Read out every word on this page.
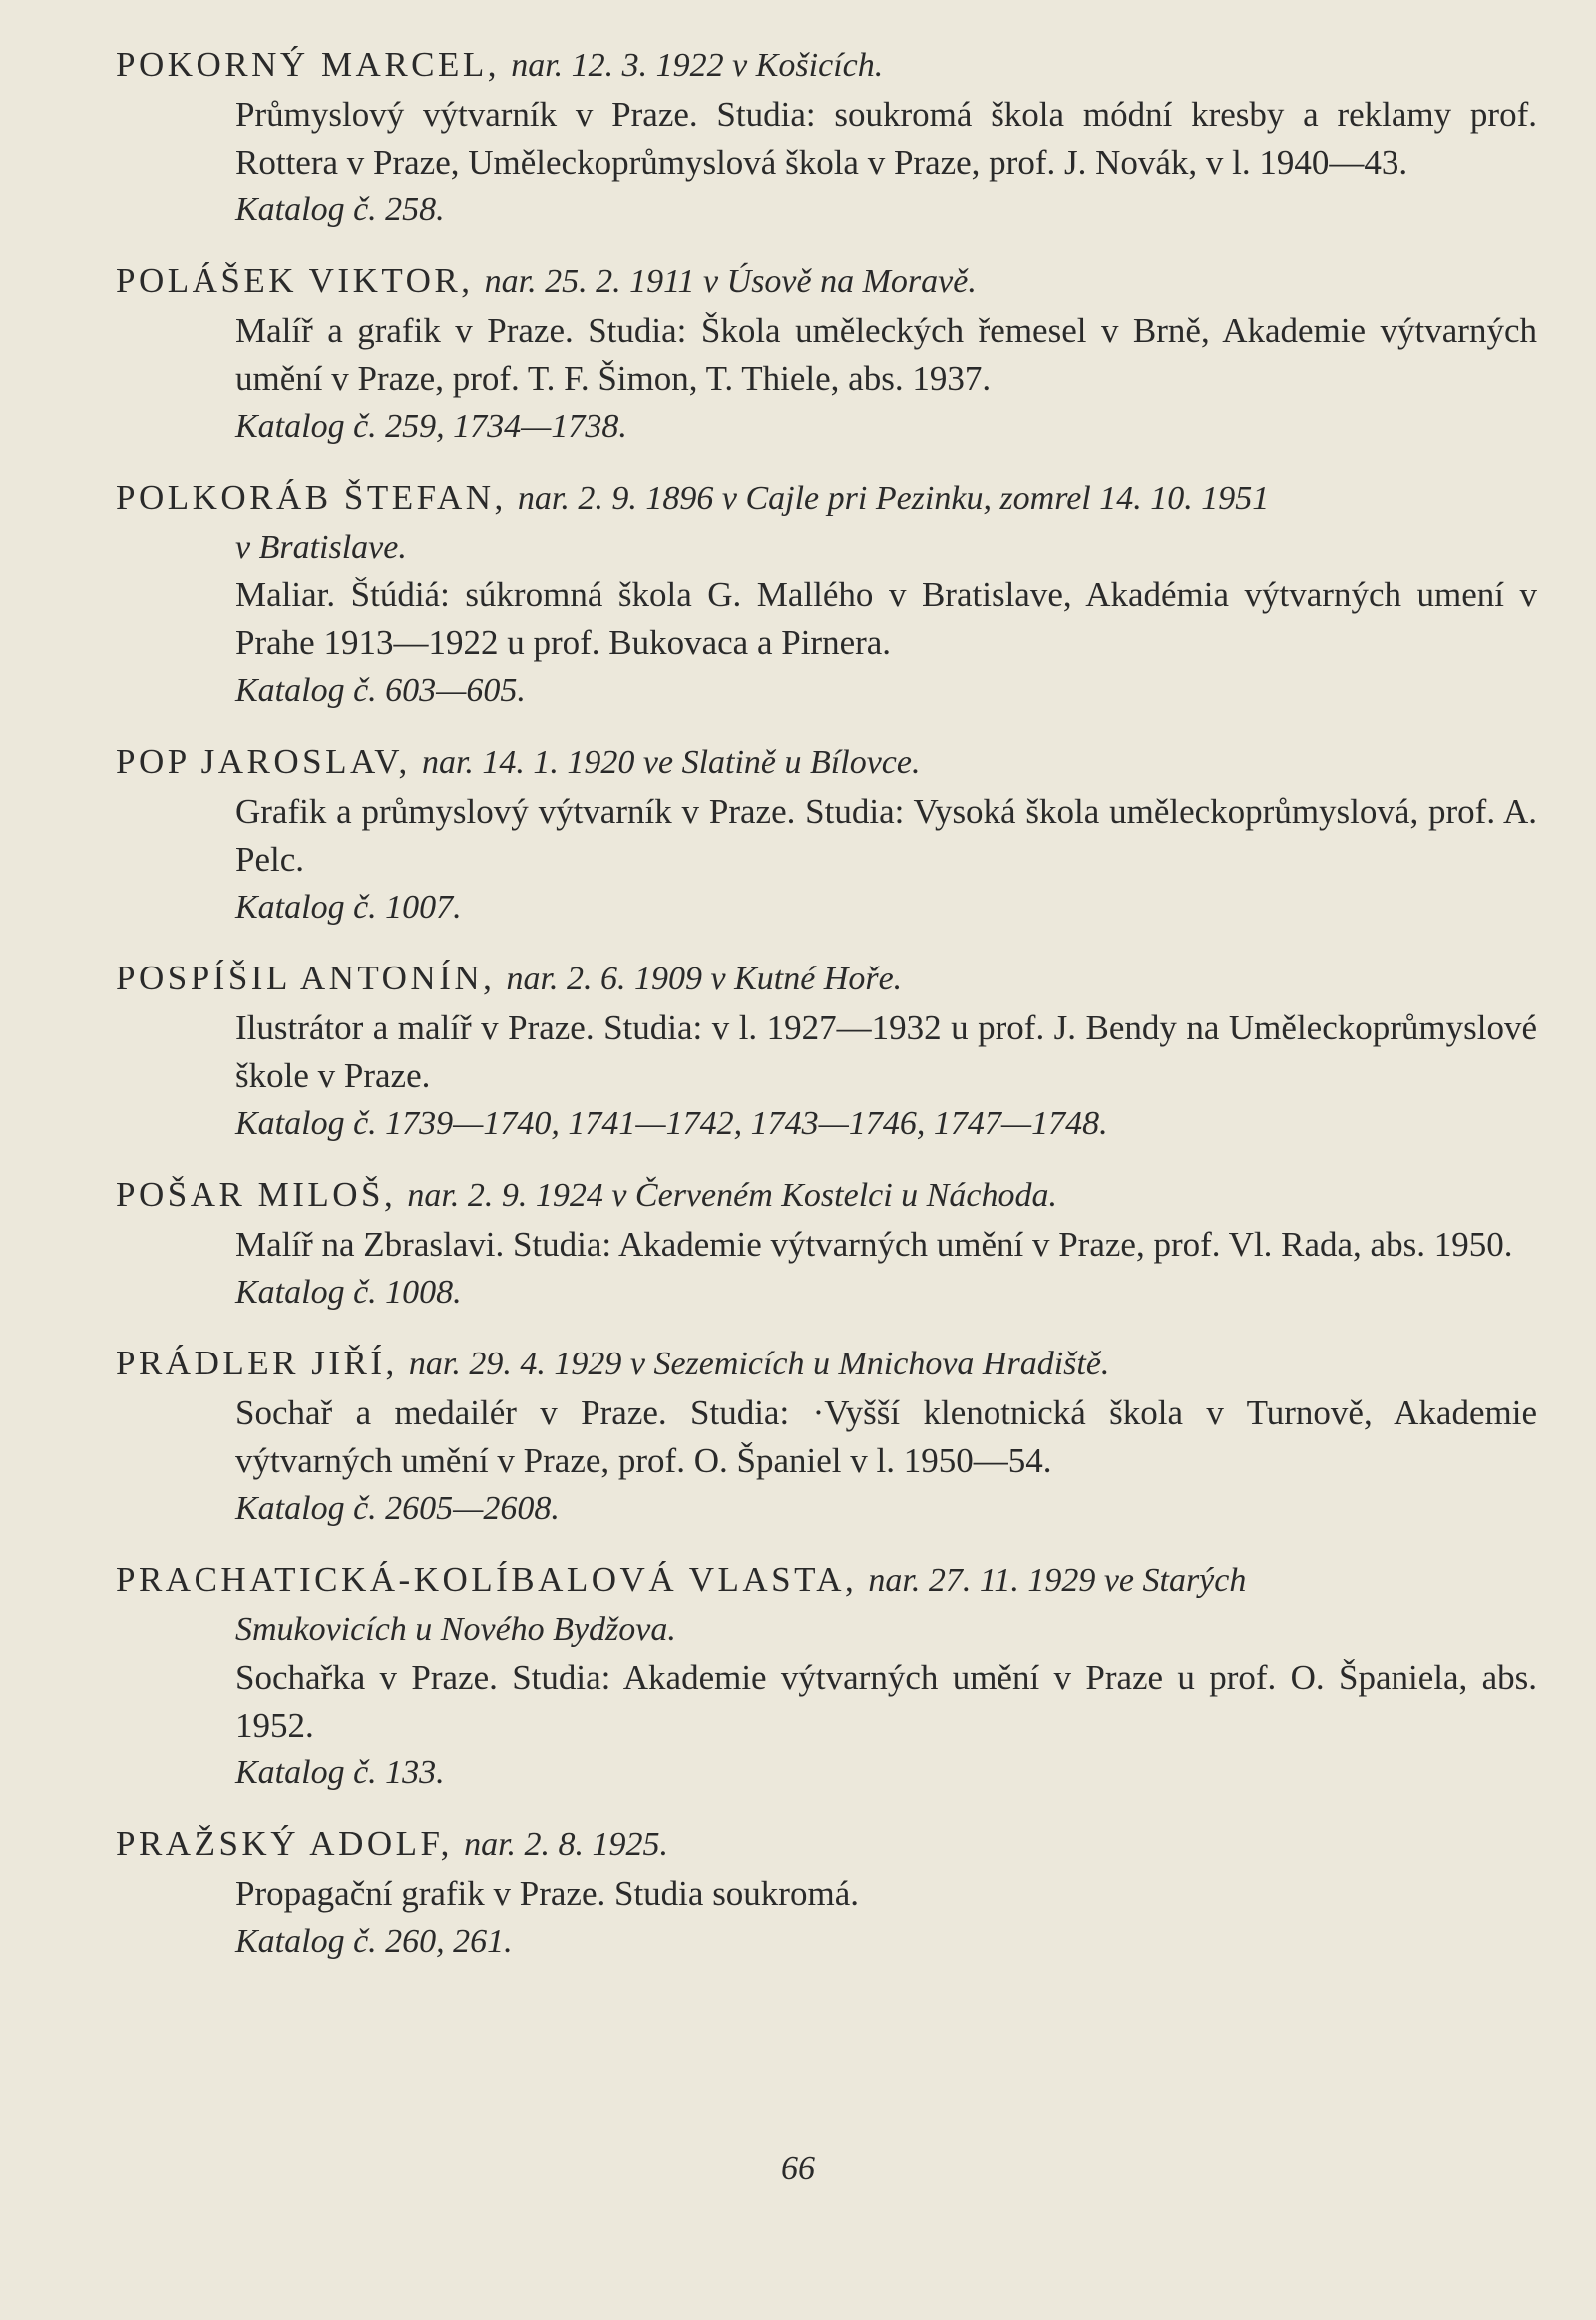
POKORNÝ MARCEL, nar. 12. 3. 1922 v Košicích.
Průmyslový výtvarník v Praze. Studia: soukromá škola módní kresby a reklamy prof. Rottera v Praze, Uměleckoprůmyslová škola v Praze, prof. J. Novák, v l. 1940—43.
Katalog č. 258.
POLÁŠEK VIKTOR, nar. 25. 2. 1911 v Úsově na Moravě.
Malíř a grafik v Praze. Studia: Škola uměleckých řemesel v Brně, Akademie výtvarných umění v Praze, prof. T. F. Šimon, T. Thiele, abs. 1937.
Katalog č. 259, 1734—1738.
POLKORÁB ŠTEFAN, nar. 2. 9. 1896 v Cajle pri Pezinku, zomrel 14. 10. 1951
v Bratislave.
Maliar. Štúdiá: súkromná škola G. Mallého v Bratislave, Akadémia výtvarných umení v Prahe 1913—1922 u prof. Bukovaca a Pirnera.
Katalog č. 603—605.
POP JAROSLAV, nar. 14. 1. 1920 ve Slatině u Bílovce.
Grafik a průmyslový výtvarník v Praze. Studia: Vysoká škola uměleckoprůmyslová, prof. A. Pelc.
Katalog č. 1007.
POSPÍŠIL ANTONÍN, nar. 2. 6. 1909 v Kutné Hoře.
Ilustrátor a malíř v Praze. Studia: v l. 1927—1932 u prof. J. Bendy na Uměleckoprůmyslové škole v Praze.
Katalog č. 1739—1740, 1741—1742, 1743—1746, 1747—1748.
POŠAR MILOŠ, nar. 2. 9. 1924 v Červeném Kostelci u Náchoda.
Malíř na Zbraslavi. Studia: Akademie výtvarných umění v Praze, prof. Vl. Rada, abs. 1950.
Katalog č. 1008.
PRÁDLER JIŘÍ, nar. 29. 4. 1929 v Sezemicích u Mnichova Hradiště.
Sochař a medailér v Praze. Studia: ·Vyšší klenotnická škola v Turnově, Akademie výtvarných umění v Praze, prof. O. Španiel v l. 1950—54.
Katalog č. 2605—2608.
PRACHATICKÁ-KOLÍBALOVÁ VLASTA, nar. 27. 11. 1929 ve Starých
Smukovicích u Nového Bydžova.
Sochařka v Praze. Studia: Akademie výtvarných umění v Praze u prof. O. Španiela, abs. 1952.
Katalog č. 133.
PRAŽSKÝ ADOLF, nar. 2. 8. 1925.
Propagační grafik v Praze. Studia soukromá.
Katalog č. 260, 261.
66
